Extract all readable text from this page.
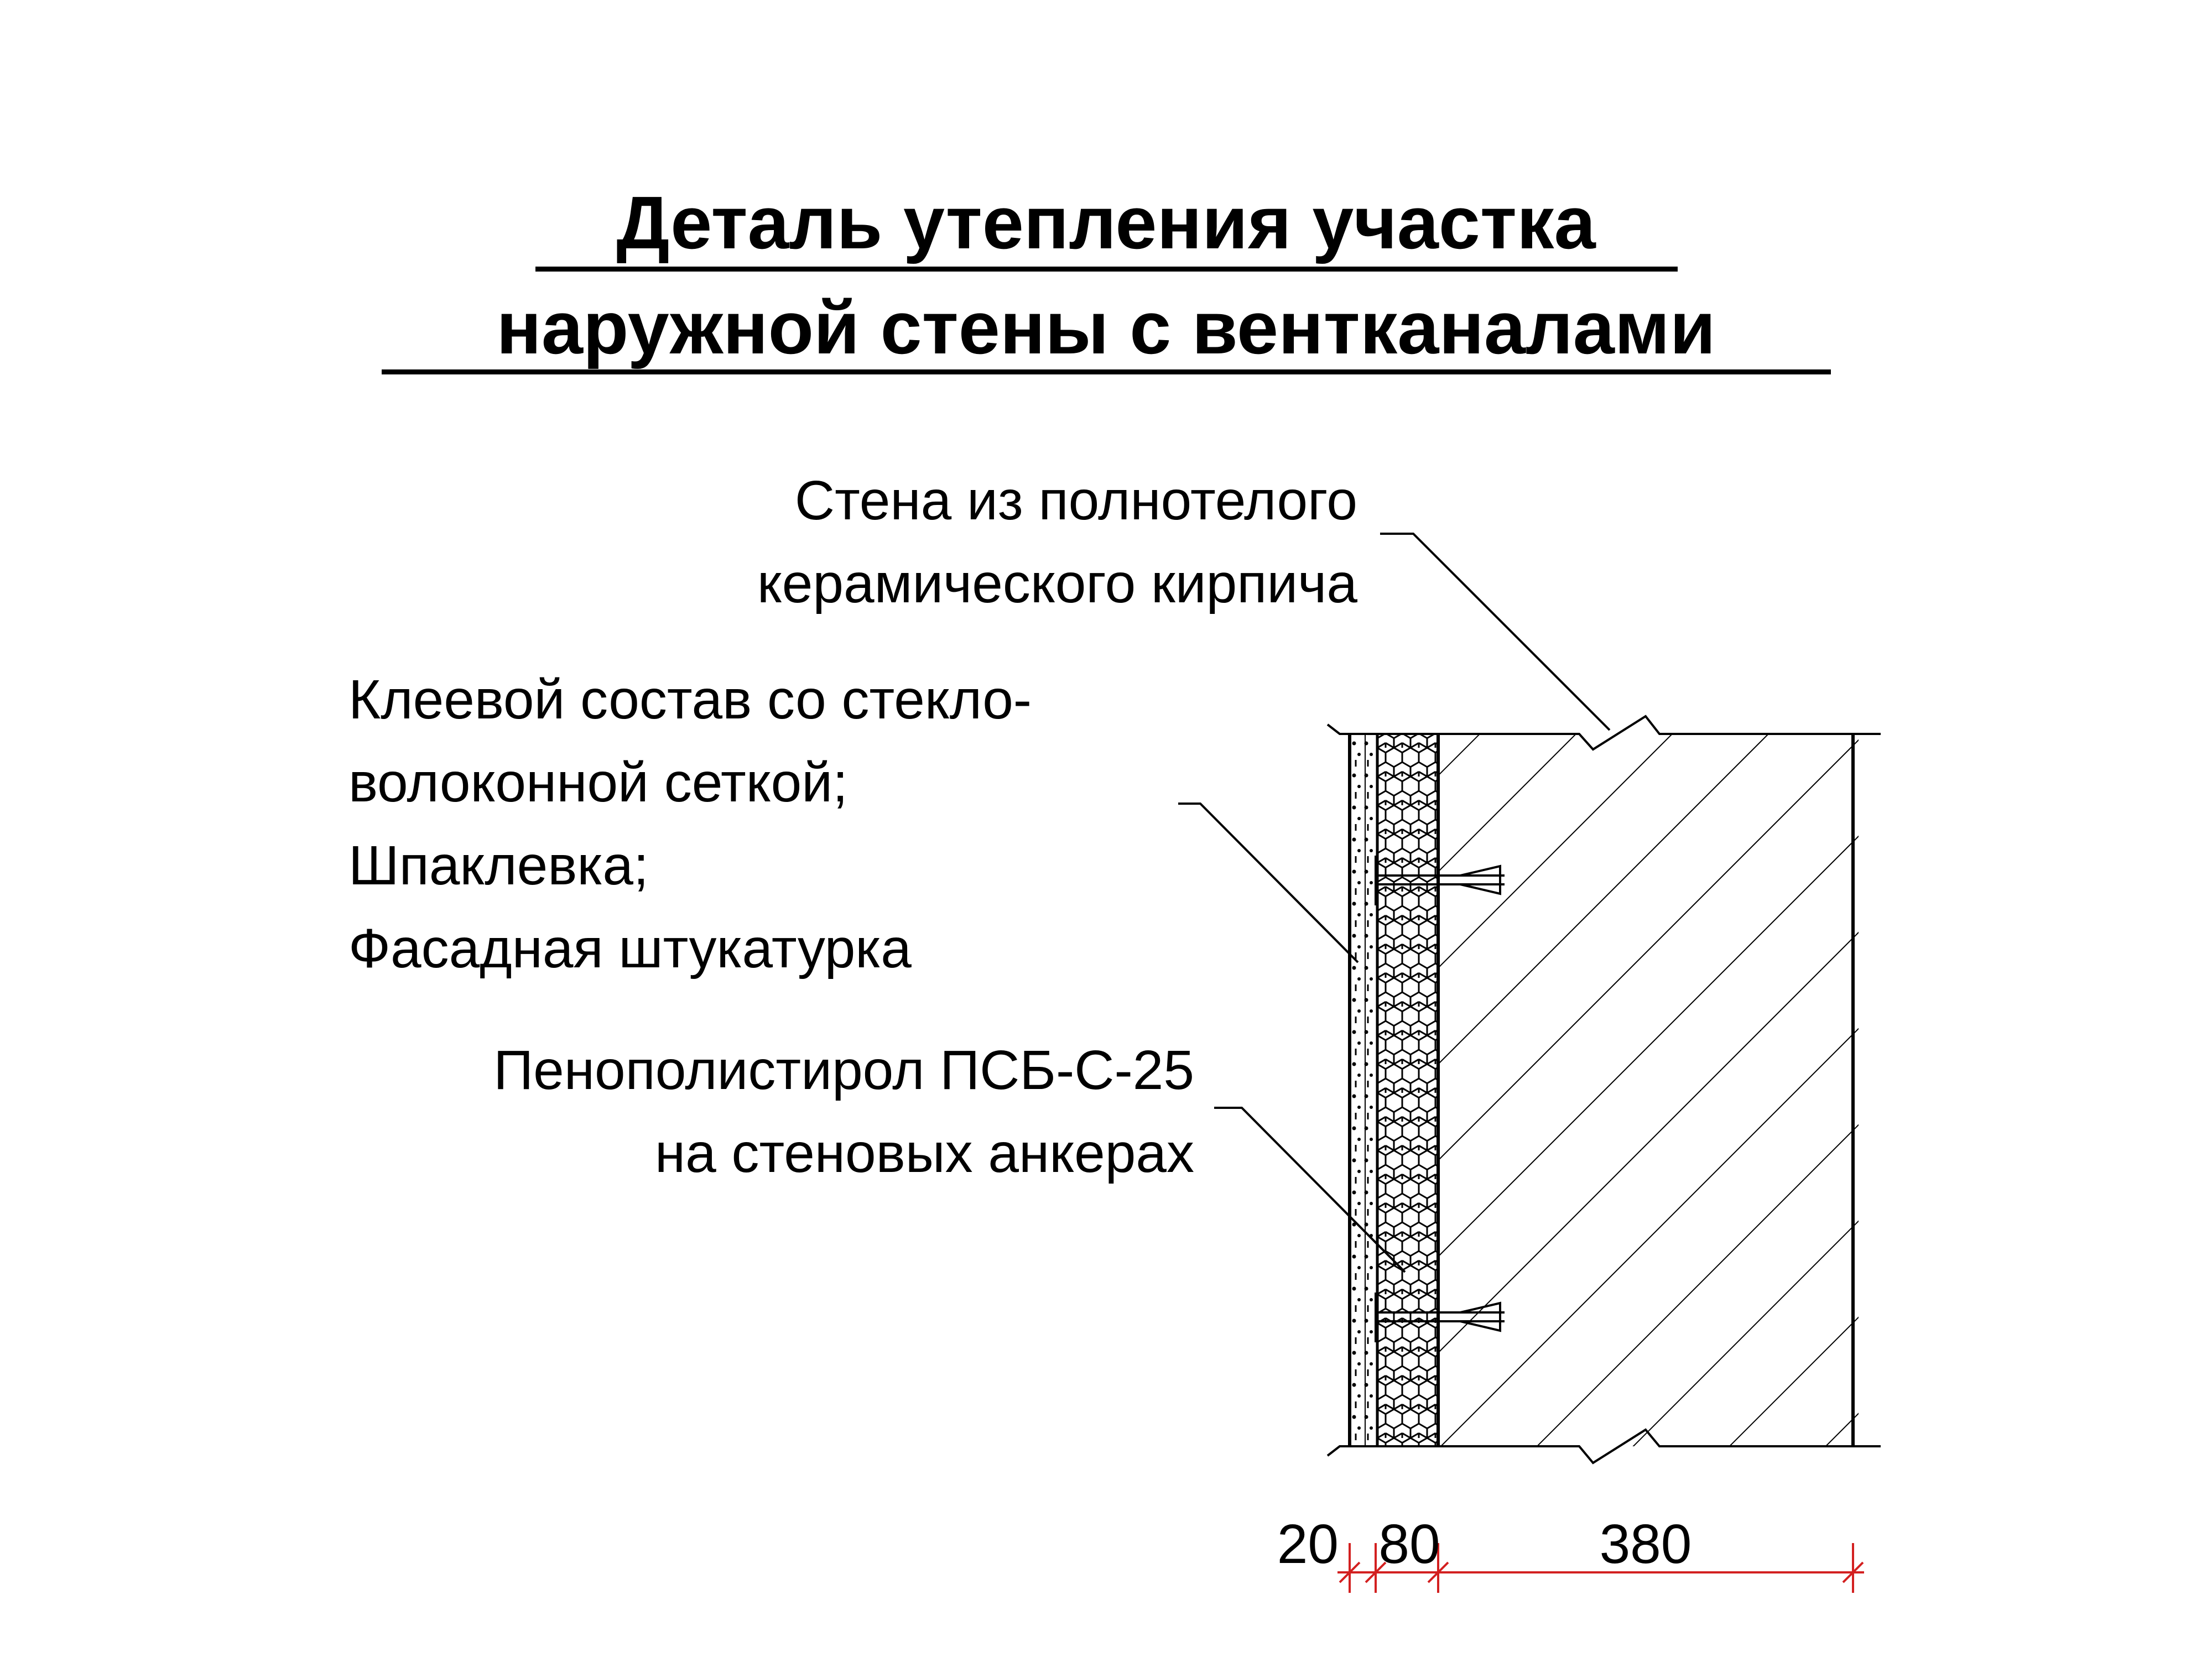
Деталь утепления участка
наружной стены с вентканалами
Стена из полнотелого
керамического кирпича
Клеевой состав со стекло-
волоконной сеткой;
Шпаклевка;
Фасадная штукатурка
Пенополистирол ПСБ-С-25
на стеновых анкерах
20 80	380
